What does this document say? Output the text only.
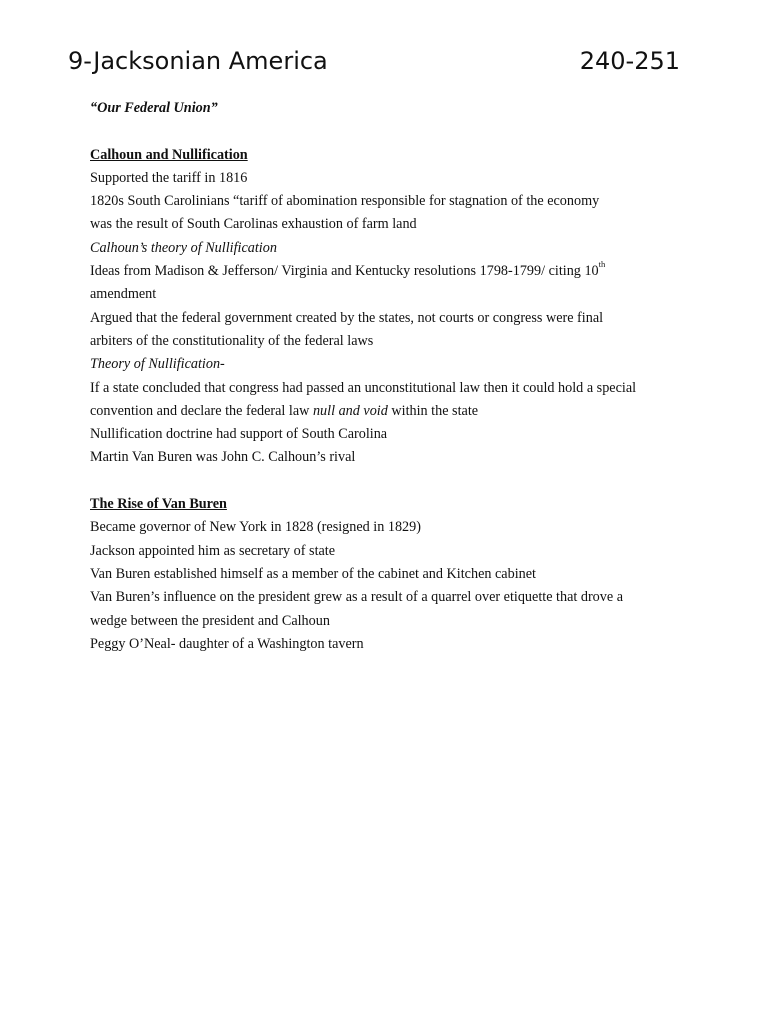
9-Jacksonian America	240-251
“Our Federal Union”
Calhoun and Nullification
Supported the tariff in 1816
1820s South Carolinians “tariff of abomination responsible for stagnation of the economy
was the result of South Carolinas exhaustion of farm land
Calhoun’s theory of Nullification
Ideas from Madison & Jefferson/ Virginia and Kentucky resolutions 1798-1799/ citing 10th
amendment
Argued that the federal government created by the states, not courts or congress were final
arbiters of the constitutionality of the federal laws
Theory of Nullification-
If a state concluded that congress had passed an unconstitutional law then it could hold a special
convention and declare the federal law null and void within the state
Nullification doctrine had support of South Carolina
Martin Van Buren was John C. Calhoun’s rival
The Rise of Van Buren
Became governor of New York in 1828 (resigned in 1829)
Jackson appointed him as secretary of state
Van Buren established himself as a member of the cabinet and Kitchen cabinet
Van Buren’s influence on the president grew as a result of a quarrel over etiquette that drove a
wedge between the president and Calhoun
Peggy O’Neal- daughter of a Washington tavern
